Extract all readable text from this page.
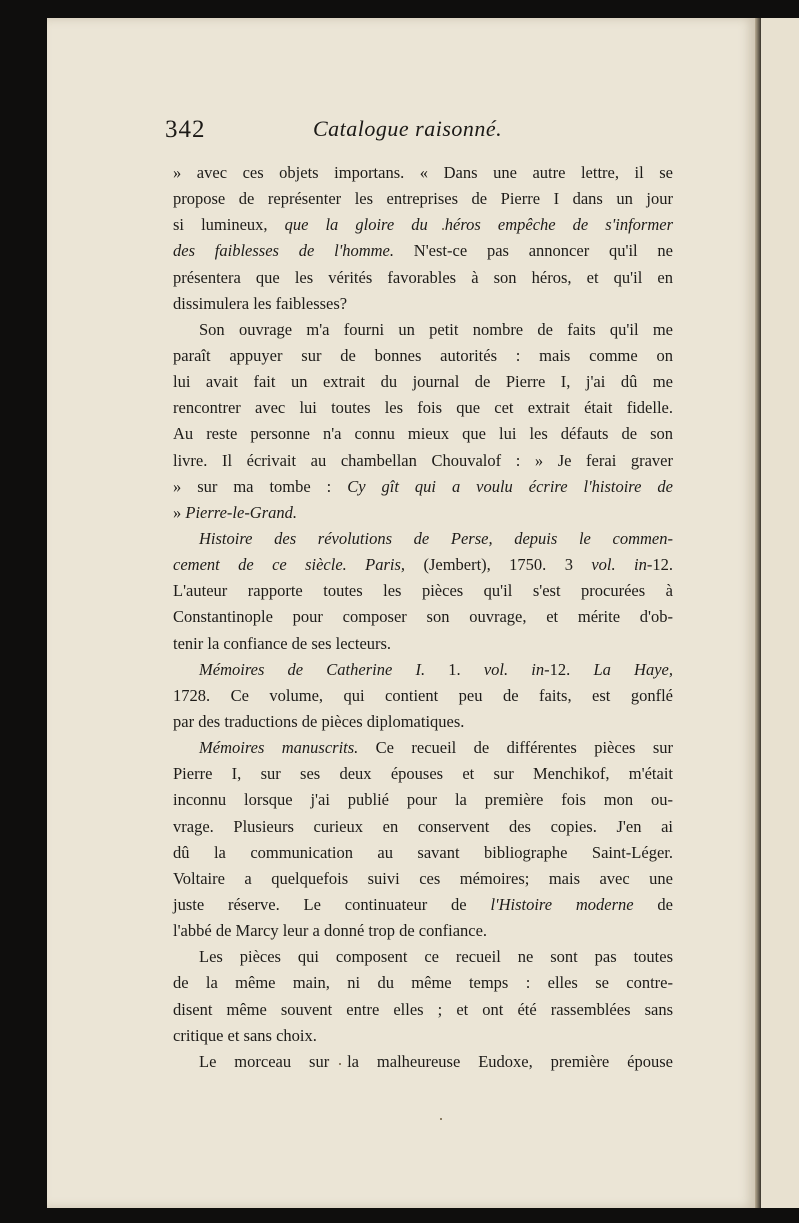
342	Catalogue raisonné.
» avec ces objets importans. « Dans une autre lettre, il se
propose de représenter les entreprises de Pierre I dans un jour
si lumineux, que la gloire du héros empêche de s'informer
des faiblesses de l'homme. N'est-ce pas annoncer qu'il ne
présentera que les vérités favorables à son héros, et qu'il en
dissimulera les faiblesses?
Son ouvrage m'a fourni un petit nombre de faits qu'il me
paraît appuyer sur de bonnes autorités : mais comme on
lui avait fait un extrait du journal de Pierre I, j'ai dû me
rencontrer avec lui toutes les fois que cet extrait était fidelle.
Au reste personne n'a connu mieux que lui les défauts de son
livre. Il écrivait au chambellan Chouvalof : » Je ferai graver
» sur ma tombe : Cy gît qui a voulu écrire l'histoire de
» Pierre-le-Grand.
Histoire des révolutions de Perse, depuis le commen-
cement de ce siècle. Paris, (Jembert), 1750. 3 vol. in-12.
L'auteur rapporte toutes les pièces qu'il s'est procurées à
Constantinople pour composer son ouvrage, et mérite d'ob-
tenir la confiance de ses lecteurs.
Mémoires de Catherine I. 1. vol. in-12. La Haye,
1728. Ce volume, qui contient peu de faits, est gonflé
par des traductions de pièces diplomatiques.
Mémoires manuscrits. Ce recueil de différentes pièces sur
Pierre I, sur ses deux épouses et sur Menchikof, m'était
inconnu lorsque j'ai publié pour la première fois mon ou-
vrage. Plusieurs curieux en conservent des copies. J'en ai
dû la communication au savant bibliographe Saint-Léger.
Voltaire a quelquefois suivi ces mémoires; mais avec une
juste réserve. Le continuateur de l'Histoire moderne de
l'abbé de Marcy leur a donné trop de confiance.
Les pièces qui composent ce recueil ne sont pas toutes
de la même main, ni du même temps : elles se contre-
disent même souvent entre elles ; et ont été rassemblées sans
critique et sans choix.
Le morceau sur la malheureuse Eudoxe, première épouse
